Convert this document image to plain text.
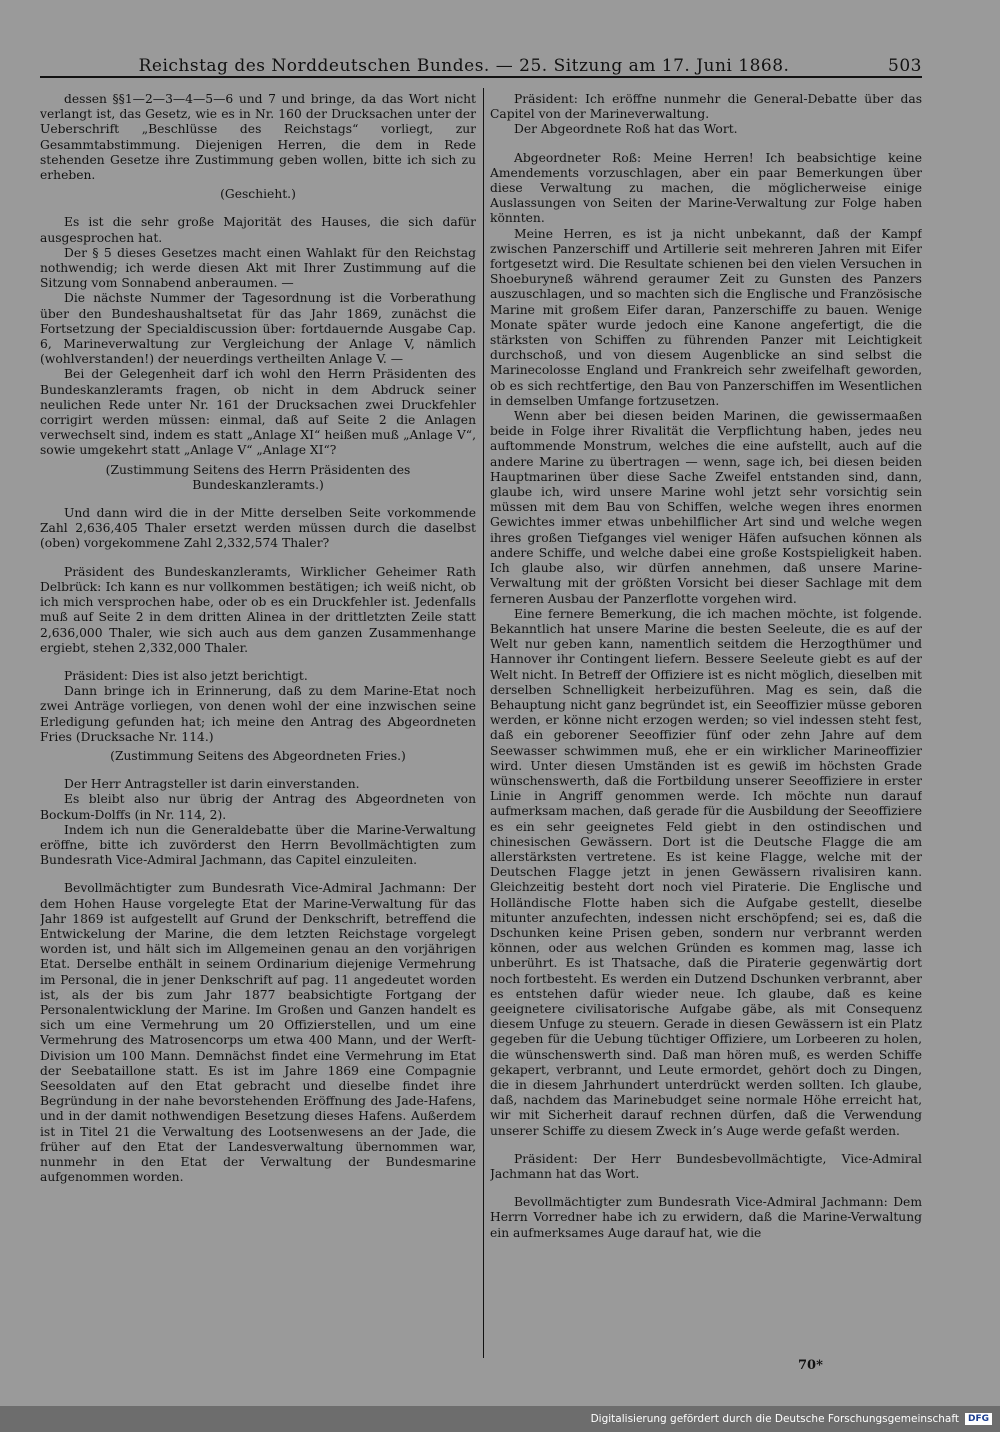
Reichstag des Norddeutschen Bundes. — 25. Sitzung am 17. Juni 1868.	503

dessen §§1—2—3—4—5—6 und 7 und bringe, da das Wort nicht verlangt ist, das Gesetz, wie es in Nr. 160 der Drucksachen unter der Ueberschrift „Beschlüsse des Reichstags“ vorliegt, zur Gesammtabstimmung. Diejenigen Herren, die dem in Rede stehenden Gesetze ihre Zustimmung geben wollen, bitte ich sich zu erheben.

(Geschieht.)

Es ist die sehr große Majorität des Hauses, die sich dafür ausgesprochen hat.

Der § 5 dieses Gesetzes macht einen Wahlakt für den Reichstag nothwendig; ich werde diesen Akt mit Ihrer Zustimmung auf die Sitzung vom Sonnabend anberaumen. —

Die nächste Nummer der Tagesordnung ist die Vorberathung über den Bundeshaushaltsetat für das Jahr 1869, zunächst die Fortsetzung der Specialdiscussion über: fortdauernde Ausgabe Cap. 6, Marineverwaltung zur Vergleichung der Anlage V, nämlich (wohlverstanden!) der neuerdings vertheilten Anlage V. —

Bei der Gelegenheit darf ich wohl den Herrn Präsidenten des Bundeskanzleramts fragen, ob nicht in dem Abdruck seiner neulichen Rede unter Nr. 161 der Drucksachen zwei Druckfehler corrigirt werden müssen: einmal, daß auf Seite 2 die Anlagen verwechselt sind, indem es statt „Anlage XI“ heißen muß „Anlage V“, sowie umgekehrt statt „Anlage V“ „Anlage XI“?

(Zustimmung Seitens des Herrn Präsidenten des Bundeskanzleramts.)

Und dann wird die in der Mitte derselben Seite vorkommende Zahl 2,636,405 Thaler ersetzt werden müssen durch die daselbst (oben) vorgekommene Zahl 2,332,574 Thaler?

Präsident des Bundeskanzleramts, Wirklicher Geheimer Rath Delbrück: Ich kann es nur vollkommen bestätigen; ich weiß nicht, ob ich mich versprochen habe, oder ob es ein Druckfehler ist. Jedenfalls muß auf Seite 2 in dem dritten Alinea in der drittletzten Zeile statt 2,636,000 Thaler, wie sich auch aus dem ganzen Zusammenhange ergiebt, stehen 2,332,000 Thaler.

Präsident: Dies ist also jetzt berichtigt.

Dann bringe ich in Erinnerung, daß zu dem Marine-Etat noch zwei Anträge vorliegen, von denen wohl der eine inzwischen seine Erledigung gefunden hat; ich meine den Antrag des Abgeordneten Fries (Drucksache Nr. 114.)

(Zustimmung Seitens des Abgeordneten Fries.)

Der Herr Antragsteller ist darin einverstanden.

Es bleibt also nur übrig der Antrag des Abgeordneten von Bockum-Dolffs (in Nr. 114, 2).

Indem ich nun die Generaldebatte über die Marine-Verwaltung eröffne, bitte ich zuvörderst den Herrn Bevollmächtigten zum Bundesrath Vice-Admiral Jachmann, das Capitel einzuleiten.

Bevollmächtigter zum Bundesrath Vice-Admiral Jachmann: Der dem Hohen Hause vorgelegte Etat der Marine-Verwaltung für das Jahr 1869 ist aufgestellt auf Grund der Denkschrift, betreffend die Entwickelung der Marine, die dem letzten Reichstage vorgelegt worden ist, und hält sich im Allgemeinen genau an den vorjährigen Etat. Derselbe enthält in seinem Ordinarium diejenige Vermehrung im Personal, die in jener Denkschrift auf pag. 11 angedeutet worden ist, als der bis zum Jahr 1877 beabsichtigte Fortgang der Personalentwicklung der Marine. Im Großen und Ganzen handelt es sich um eine Vermehrung um 20 Offizierstellen, und um eine Vermehrung des Matrosencorps um etwa 400 Mann, und der Werft-Division um 100 Mann. Demnächst findet eine Vermehrung im Etat der Seebataillone statt. Es ist im Jahre 1869 eine Compagnie Seesoldaten auf den Etat gebracht und dieselbe findet ihre Begründung in der nahe bevorstehenden Eröffnung des Jade-Hafens, und in der damit nothwendigen Besetzung dieses Hafens. Außerdem ist in Titel 21 die Verwaltung des Lootsenwesens an der Jade, die früher auf den Etat der Landesverwaltung übernommen war, nunmehr in den Etat der Verwaltung der Bundesmarine aufgenommen worden.

Präsident: Ich eröffne nunmehr die General-Debatte über das Capitel von der Marineverwaltung.

Der Abgeordnete Roß hat das Wort.

Abgeordneter Roß: Meine Herren! Ich beabsichtige keine Amendements vorzuschlagen, aber ein paar Bemerkungen über diese Verwaltung zu machen, die möglicherweise einige Auslassungen von Seiten der Marine-Verwaltung zur Folge haben könnten.

Meine Herren, es ist ja nicht unbekannt, daß der Kampf zwischen Panzerschiff und Artillerie seit mehreren Jahren mit Eifer fortgesetzt wird. Die Resultate schienen bei den vielen Versuchen in Shoeburyneß während geraumer Zeit zu Gunsten des Panzers auszuschlagen, und so machten sich die Englische und Französische Marine mit großem Eifer daran, Panzerschiffe zu bauen. Wenige Monate später wurde jedoch eine Kanone angefertigt, die die stärksten von Schiffen zu führenden Panzer mit Leichtigkeit durchschoß, und von diesem Augenblicke an sind selbst die Marinecolosse England und Frankreich sehr zweifelhaft geworden, ob es sich rechtfertige, den Bau von Panzerschiffen im Wesentlichen in demselben Umfange fortzusetzen.

Wenn aber bei diesen beiden Marinen, die gewissermaaßen beide in Folge ihrer Rivalität die Verpflichtung haben, jedes neu auftommende Monstrum, welches die eine aufstellt, auch auf die andere Marine zu übertragen — wenn, sage ich, bei diesen beiden Hauptmarinen über diese Sache Zweifel entstanden sind, dann, glaube ich, wird unsere Marine wohl jetzt sehr vorsichtig sein müssen mit dem Bau von Schiffen, welche wegen ihres enormen Gewichtes immer etwas unbehilflicher Art sind und welche wegen ihres großen Tiefganges viel weniger Häfen aufsuchen können als andere Schiffe, und welche dabei eine große Kostspieligkeit haben. Ich glaube also, wir dürfen annehmen, daß unsere Marine-Verwaltung mit der größten Vorsicht bei dieser Sachlage mit dem ferneren Ausbau der Panzerflotte vorgehen wird.

Eine fernere Bemerkung, die ich machen möchte, ist folgende. Bekanntlich hat unsere Marine die besten Seeleute, die es auf der Welt nur geben kann, namentlich seitdem die Herzogthümer und Hannover ihr Contingent liefern. Bessere Seeleute giebt es auf der Welt nicht. In Betreff der Offiziere ist es nicht möglich, dieselben mit derselben Schnelligkeit herbeizuführen. Mag es sein, daß die Behauptung nicht ganz begründet ist, ein Seeoffizier müsse geboren werden, er könne nicht erzogen werden; so viel indessen steht fest, daß ein geborener Seeoffizier fünf oder zehn Jahre auf dem Seewasser schwimmen muß, ehe er ein wirklicher Marineoffizier wird. Unter diesen Umständen ist es gewiß im höchsten Grade wünschenswerth, daß die Fortbildung unserer Seeoffiziere in erster Linie in Angriff genommen werde. Ich möchte nun darauf aufmerksam machen, daß gerade für die Ausbildung der Seeoffiziere es ein sehr geeignetes Feld giebt in den ostindischen und chinesischen Gewässern. Dort ist die Deutsche Flagge die am allerstärksten vertretene. Es ist keine Flagge, welche mit der Deutschen Flagge jetzt in jenen Gewässern rivalisiren kann. Gleichzeitig besteht dort noch viel Piraterie. Die Englische und Holländische Flotte haben sich die Aufgabe gestellt, dieselbe mitunter anzufechten, indessen nicht erschöpfend; sei es, daß die Dschunken keine Prisen geben, sondern nur verbrannt werden können, oder aus welchen Gründen es kommen mag, lasse ich unberührt. Es ist Thatsache, daß die Piraterie gegenwärtig dort noch fortbesteht. Es werden ein Dutzend Dschunken verbrannt, aber es entstehen dafür wieder neue. Ich glaube, daß es keine geeignetere civilisatorische Aufgabe gäbe, als mit Consequenz diesem Unfuge zu steuern. Gerade in diesen Gewässern ist ein Platz gegeben für die Uebung tüchtiger Offiziere, um Lorbeeren zu holen, die wünschenswerth sind. Daß man hören muß, es werden Schiffe gekapert, verbrannt, und Leute ermordet, gehört doch zu Dingen, die in diesem Jahrhundert unterdrückt werden sollten. Ich glaube, daß, nachdem das Marinebudget seine normale Höhe erreicht hat, wir mit Sicherheit darauf rechnen dürfen, daß die Verwendung unserer Schiffe zu diesem Zweck in’s Auge werde gefaßt werden.

Präsident: Der Herr Bundesbevollmächtigte, Vice-Admiral Jachmann hat das Wort.

Bevollmächtigter zum Bundesrath Vice-Admiral Jachmann: Dem Herrn Vorredner habe ich zu erwidern, daß die Marine-Verwaltung ein aufmerksames Auge darauf hat, wie die

70*
Digitalisierung gefördert durch die Deutsche Forschungsgemeinschaft	DFG
